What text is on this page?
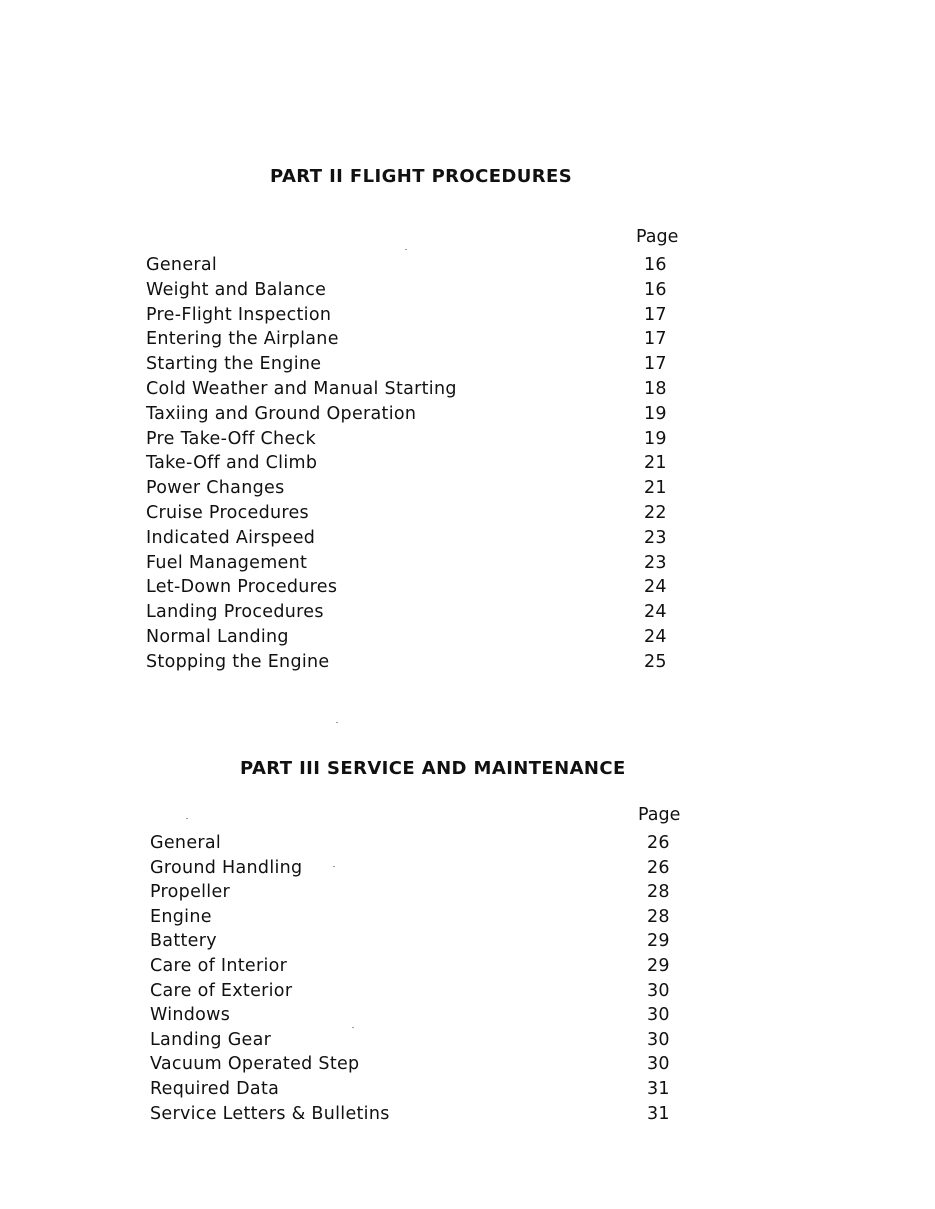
PART II FLIGHT PROCEDURES
Page
General	16
Weight and Balance	16
Pre-Flight Inspection	17
Entering the Airplane	17
Starting the Engine	17
Cold Weather and Manual Starting	18
Taxiing and Ground Operation	19
Pre Take-Off Check	19
Take-Off and Climb	21
Power Changes	21
Cruise Procedures	22
Indicated Airspeed	23
Fuel Management	23
Let-Down Procedures	24
Landing Procedures	24
Normal Landing	24
Stopping the Engine	25
PART III SERVICE AND MAINTENANCE
Page
General	26
Ground Handling	26
Propeller	28
Engine	28
Battery	29
Care of Interior	29
Care of Exterior	30
Windows	30
Landing Gear	30
Vacuum Operated Step	30
Required Data	31
Service Letters & Bulletins	31
